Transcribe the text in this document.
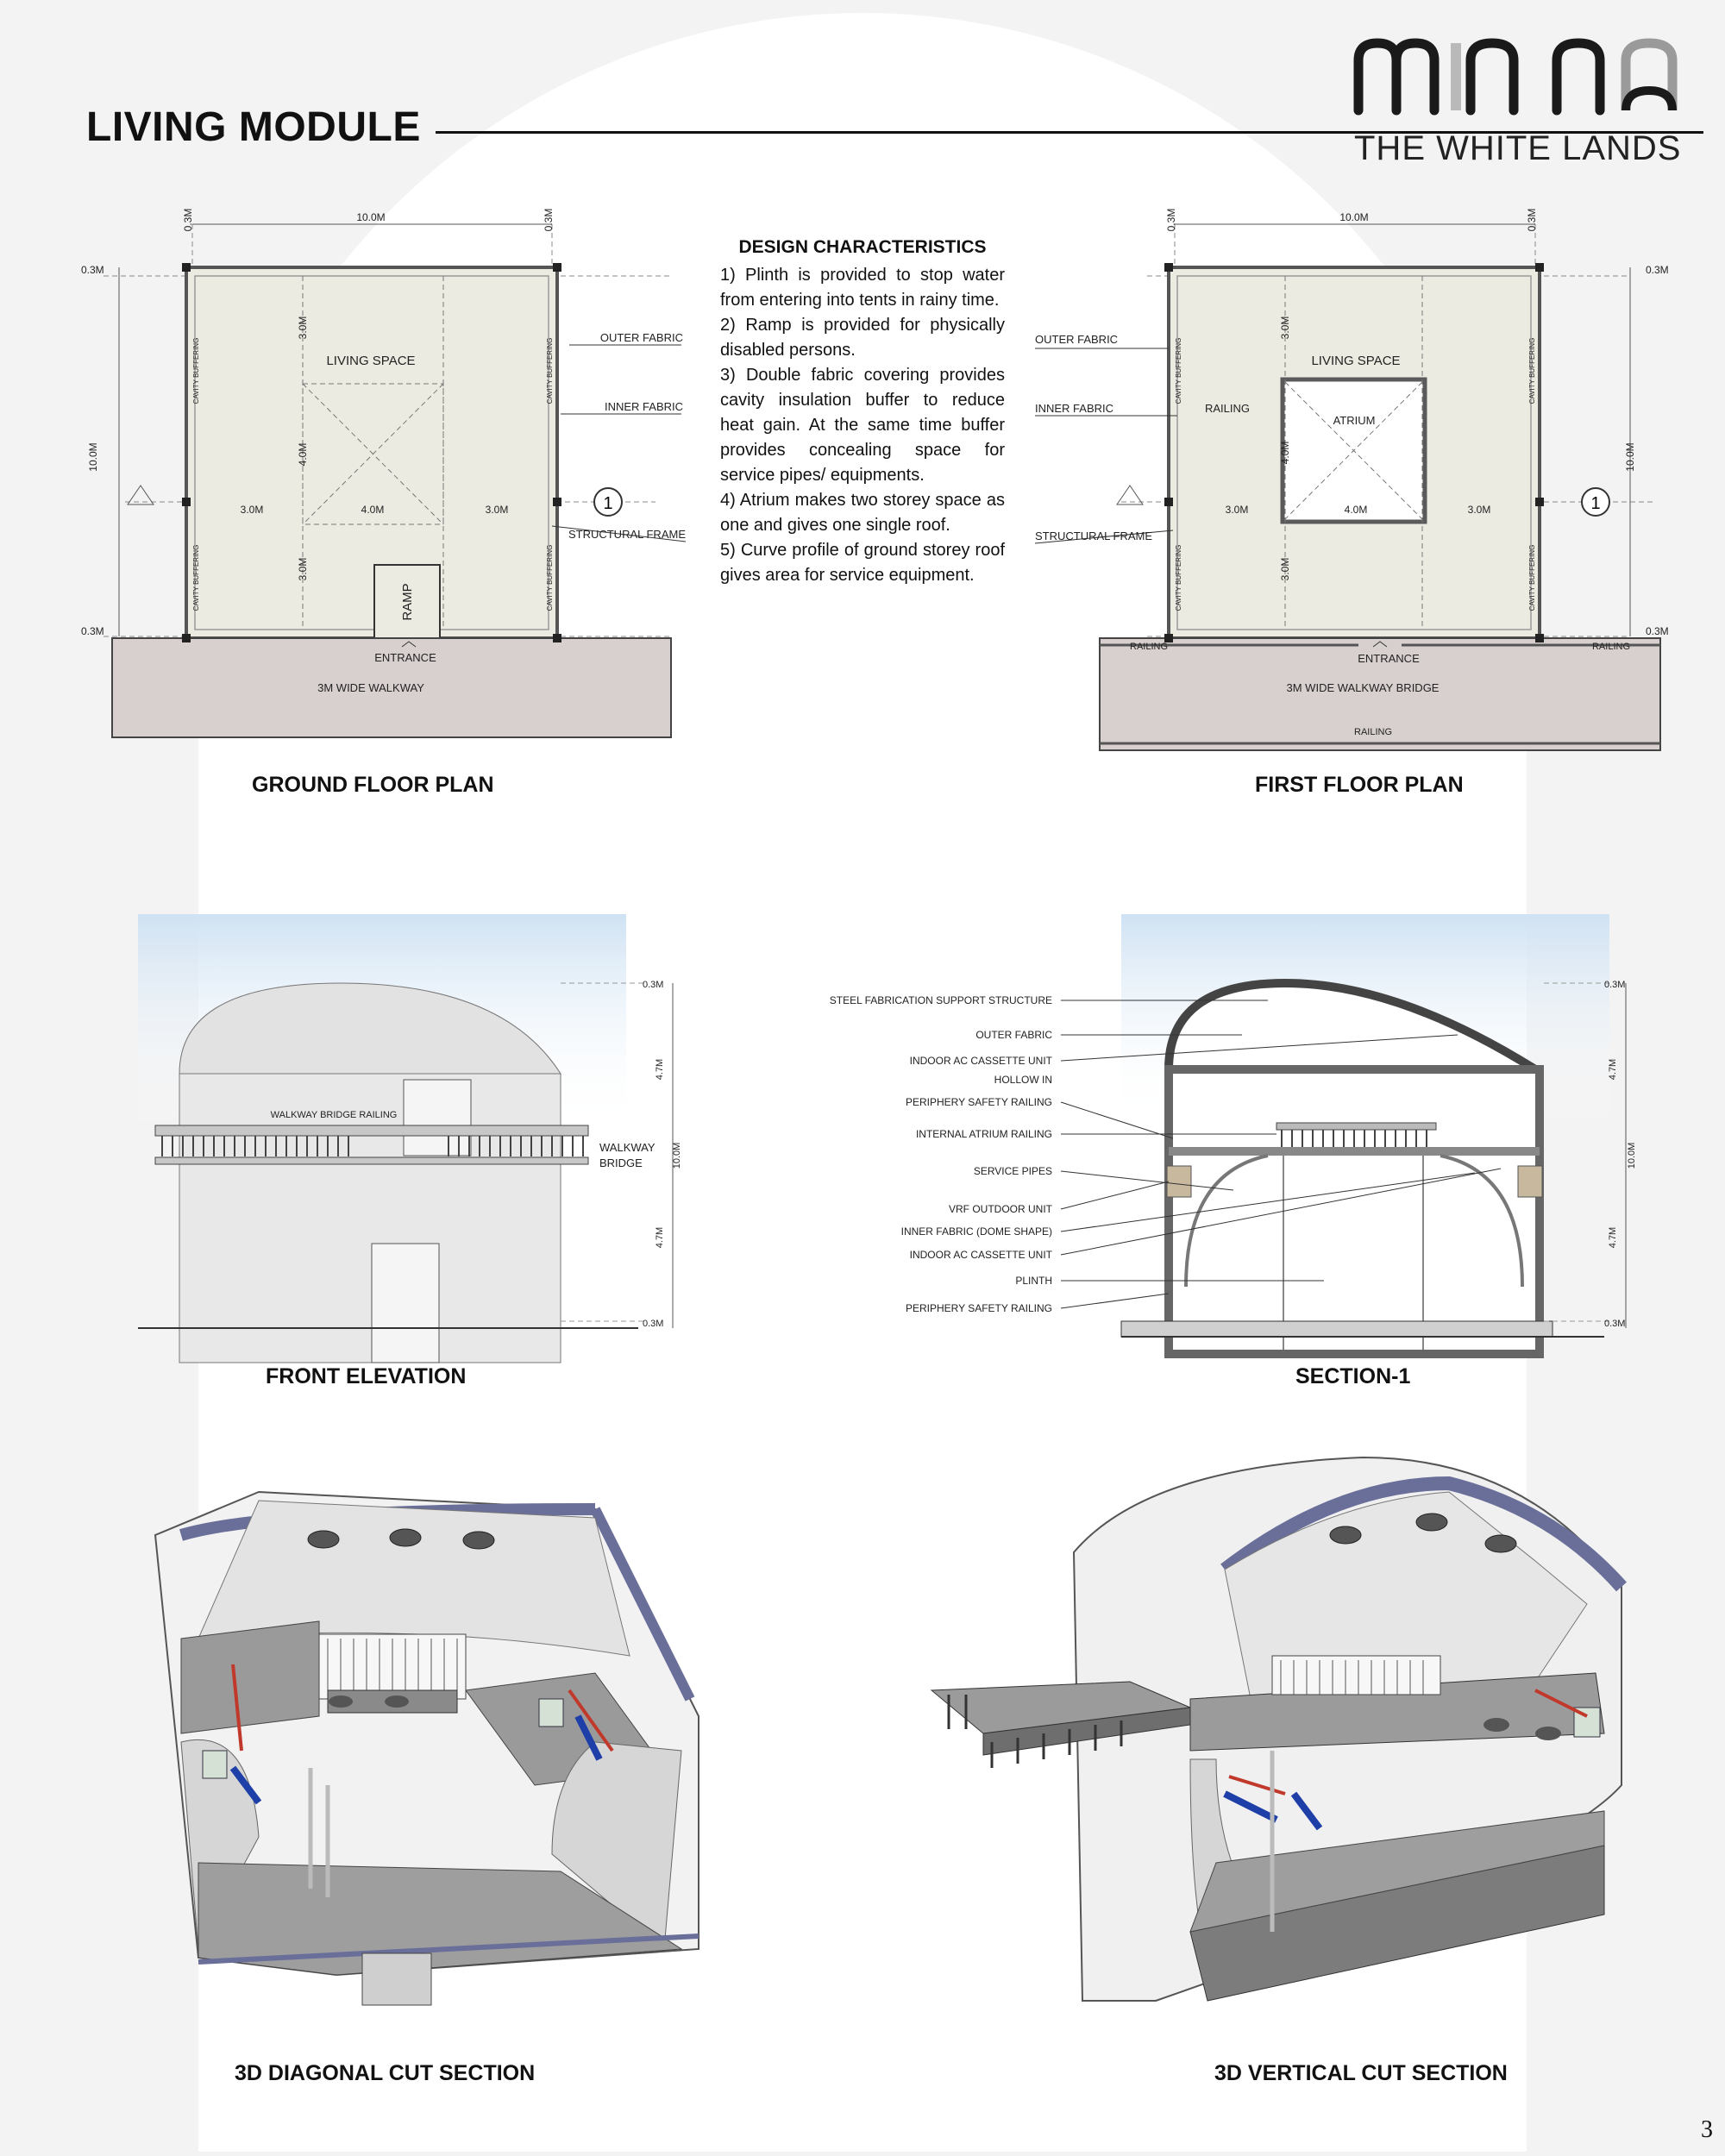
LIVING MODULE	THE WHITE LANDS
1
10.0M
0.3M
0.3M
3.0M	4.0M	3.0M
0.3M	0.3M
10.0M
3.0M
4.0M
3.0M
CAVITY BUFFERING
CAVITY BUFFERING
CAVITY BUFFERING
CAVITY BUFFERING
LIVING SPACE
RAMP
ENTRANCE
3M WIDE WALKWAY
OUTER FABRIC
INNER FABRIC
STRUCTURAL FRAME
GROUND FLOOR PLAN
DESIGN CHARACTERISTICS

1) Plinth is provided to stop water from entering into tents in rainy time.

2) Ramp is provided for physically disabled persons.

3) Double fabric covering provides cavity insulation buffer to reduce heat gain. At the same time buffer provides concealing space for service pipes/ equipments.

4) Atrium makes two storey space as one and gives one single roof.

5) Curve profile of ground storey roof gives area for service equipment.

1
10.0M
0.3M
0.3M
3.0M	4.0M	3.0M
0.3M	0.3M
10.0M
3.0M
4.0M
3.0M
CAVITY BUFFERING
CAVITY BUFFERING
CAVITY BUFFERING
CAVITY BUFFERING
LIVING SPACE
ATRIUM
RAILING
ENTRANCE
3M WIDE WALKWAY BRIDGE
RAILING	RAILING
RAILING
OUTER FABRIC
INNER FABRIC
STRUCTURAL FRAME
FIRST FLOOR PLAN
WALKWAY BRIDGE RAILING
WALKWAY
BRIDGE
0.3M
4.7M
10.0M
4.7M
0.3M
FRONT ELEVATION
STEEL FABRICATION SUPPORT STRUCTURE
OUTER FABRIC
INDOOR AC CASSETTE UNIT
HOLLOW IN
PERIPHERY SAFETY RAILING
INTERNAL ATRIUM RAILING
SERVICE PIPES
VRF OUTDOOR UNIT
INNER FABRIC (DOME SHAPE)
INDOOR AC CASSETTE UNIT
PLINTH
PERIPHERY SAFETY RAILING
0.3M
4.7M
10.0M
4.7M
0.3M
SECTION-1
3D DIAGONAL CUT SECTION	3D VERTICAL CUT SECTION
3
